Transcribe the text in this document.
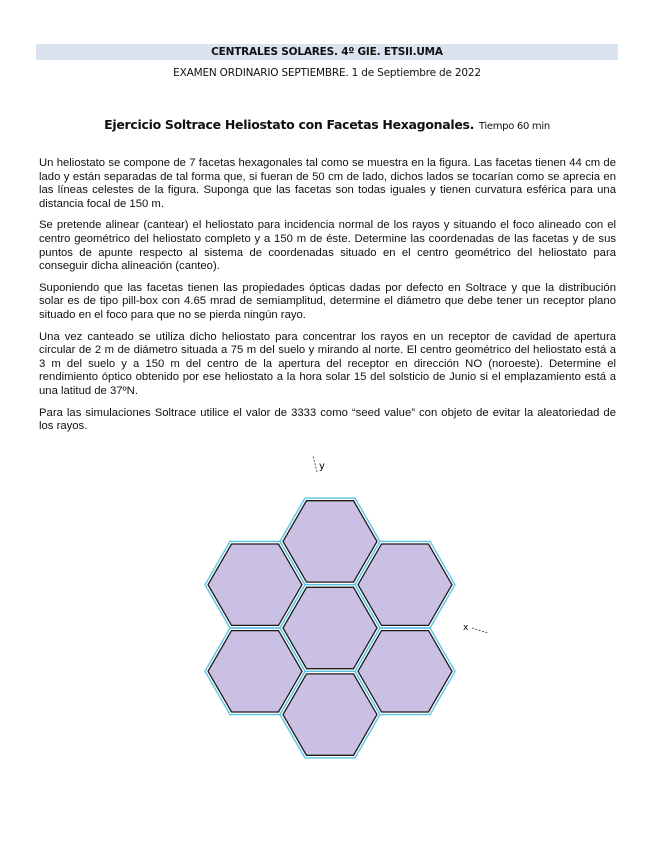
CENTRALES SOLARES. 4º GIE. ETSII.UMA
EXAMEN ORDINARIO SEPTIEMBRE. 1 de Septiembre de 2022
Ejercicio Soltrace Heliostato con Facetas Hexagonales. Tiempo 60 min

Un heliostato se compone de 7 facetas hexagonales tal como se muestra en la figura. Las facetas tienen 44 cm de lado y están separadas de tal forma que, si fueran de 50 cm de lado, dichos lados se tocarían como se aprecia en las líneas celestes de la figura. Suponga que las facetas son todas iguales y tienen curvatura esférica para una distancia focal de 150 m.

Se pretende alinear (cantear) el heliostato para incidencia normal de los rayos y situando el foco alineado con el centro geométrico del heliostato completo y a 150 m de éste. Determine las coordenadas de las facetas y de sus puntos de apunte respecto al sistema de coordenadas situado en el centro geométrico del heliostato para conseguir dicha alineación (canteo).

Suponiendo que las facetas tienen las propiedades ópticas dadas por defecto en Soltrace y que la distribución solar es de tipo pill-box con 4.65 mrad de semiamplitud, determine el diámetro que debe tener un receptor plano situado en el foco para que no se pierda ningún rayo.

Una vez canteado se utiliza dicho heliostato para concentrar los rayos en un receptor de cavidad de apertura circular de 2 m de diámetro situada a 75 m del suelo y mirando al norte. El centro geométrico del heliostato está a 3 m del suelo y a 150 m del centro de la apertura del receptor en dirección NO (noroeste). Determine el rendimiento óptico obtenido por ese heliostato a la hora solar 15 del solsticio de Junio si el emplazamiento está a una latitud de 37ºN.

Para las simulaciones Soltrace utilice el valor de 3333 como “seed value” con objeto de evitar la aleatoriedad de los rayos.

y
x
